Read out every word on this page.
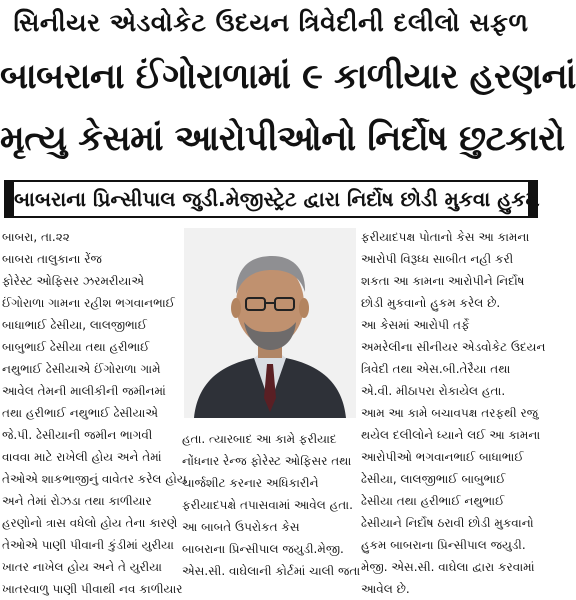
સિનીયર એડવોકેટ ઉદયન ત્રિવેદીની દલીલો સફળ
બાબરાના ઈંગોરાળામાં ૯ કાળીયાર હરણનાં
મૃત્યુ કેસમાં આરોપીઓનો નિર્દોષ છુટકારો
બાબરાના પ્રિન્સીપાલ જુડી.મેજીસ્ટ્રેટ દ્વારા નિર્દોષ છોડી મુકવા હુકમ
બાબરા, તા.૨૨
બાબરા તાલુકાના રેંજ
ફોરેસ્ટ ઓફિસર ઝરમરીયાએ
ઈંગોરાળા ગામના રહીશ ભગવાનભાઈ
બાધાભાઈ ઢેસીયા, લાલજીભાઈ
બાબુભાઈ ઢેસીયા તથા હરીભાઈ
નથુભાઈ ઢેસીયાએ ઈંગોરાળા ગામે
આવેલ તેમની માલીકીની જમીનમાં
તથા હરીભાઈ નથુભાઈ ઢેસીયાએ
જે.પી. ઢેસીયાની જમીન ભાગવી
વાવવા માટે રાખેલી હોય અને તેમાં
તેઓએ શાકભાજીનું વાવેતર કરેલ હોય
અને તેમાં રોઝડા તથા કાળીયાર
હરણોનો ત્રાસ વધેલો હોય તેના કારણે
તેઓએ પાણી પીવાની કુંડીમાં યુરીયા
ખાતર નાખેલ હોય અને તે યુરીયા
ખાતરવાળુ પાણી પીવાથી નવ કાળીયાર
હતા. ત્યારબાદ આ કામે ફરીયાદ
નોંધનાર રેન્જ ફોરેસ્ટ ઓફિસર તથા
ચાર્જશીટ કરનાર અધિકારીને
ફરીયાદપક્ષે તપાસવામાં આવેલ હતા.
આ બાબતે ઉપરોકત કેસ
બાબરાના પ્રિન્સીપાલ જયુડી.મેજી.
એસ.સી. વાઘેલાની કોર્ટમાં ચાલી જતા
ફરીયાદપક્ષ પોતાનો કેસ આ કામના
આરોપી વિરૂધ્ધ સાબીત નહી કરી
શકતા આ કામના આરોપીને નિર્દોષ
છોડી મુકવાનો હુકમ કરેલ છે.
આ કેસમાં આરોપી તર્ફે
અમરેલીના સીનીયર એડવોકેટ ઉદયન
ત્રિવેદી તથા એસ.બી.તેરૈયા તથા
એ.વી. મીઠાપરા રોકાયેલ હતા.
આમ આ કામે બચાવપક્ષ તરફથી રજુ
થયેલ દલીલોને ધ્યાને લઈ આ કામના
આરોપીઓ ભગવાનભાઈ બાધાભાઈ
ઢેસીયા, લાલજીભાઈ બાબુભાઈ
ઢેસીયા તથા હરીભાઈ નથુભાઈ
ઢેસીયાને નિર્દોષ ઠરાવી છોડી મુકવાનો
હુકમ બાબરાના પ્રિન્સીપાલ જયુડી.
મેજી. એસ.સી. વાઘેલા દ્વારા કરવામાં
આવેલ છે.
